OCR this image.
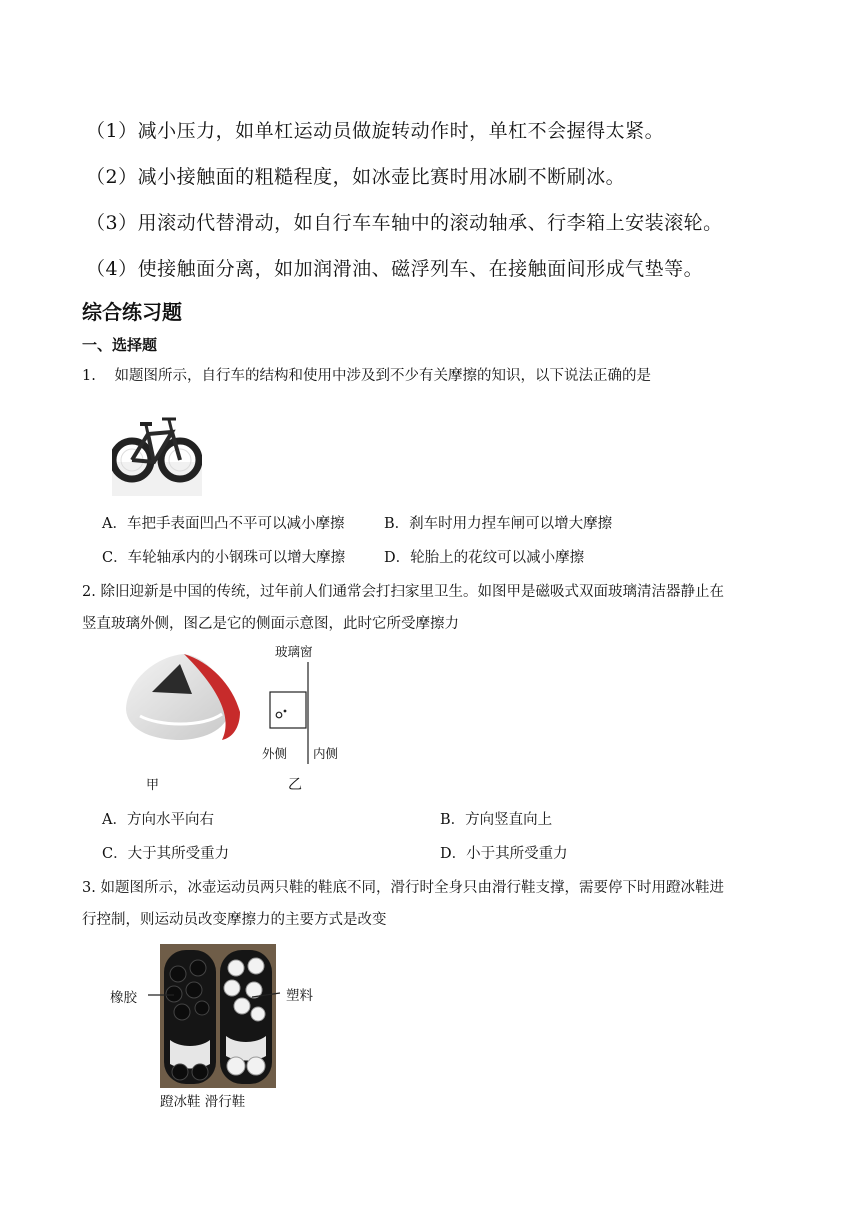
（1）减小压力，如单杠运动员做旋转动作时，单杠不会握得太紧。
（2）减小接触面的粗糙程度，如冰壶比赛时用冰刷不断刷冰。
（3）用滚动代替滑动，如自行车车轴中的滚动轴承、行李箱上安装滚轮。
（4）使接触面分离，如加润滑油、磁浮列车、在接触面间形成气垫等。
综合练习题
一、选择题
1. 如题图所示，自行车的结构和使用中涉及到不少有关摩擦的知识，以下说法正确的是
A．车把手表面凹凸不平可以减小摩擦	B．刹车时用力捏车闸可以增大摩擦
C．车轮轴承内的小钢珠可以增大摩擦	D．轮胎上的花纹可以减小摩擦
2. 除旧迎新是中国的传统，过年前人们通常会打扫家里卫生。如图甲是磁吸式双面玻璃清洁器静止在
竖直玻璃外侧，图乙是它的侧面示意图，此时它所受摩擦力
甲
玻璃窗
外侧 内侧
乙
A．方向水平向右	B．方向竖直向上
C．大于其所受重力	D．小于其所受重力
3. 如题图所示，冰壶运动员两只鞋的鞋底不同，滑行时全身只由滑行鞋支撑，需要停下时用蹬冰鞋进
行控制，则运动员改变摩擦力的主要方式是改变
橡胶	塑料
蹬冰鞋 滑行鞋
